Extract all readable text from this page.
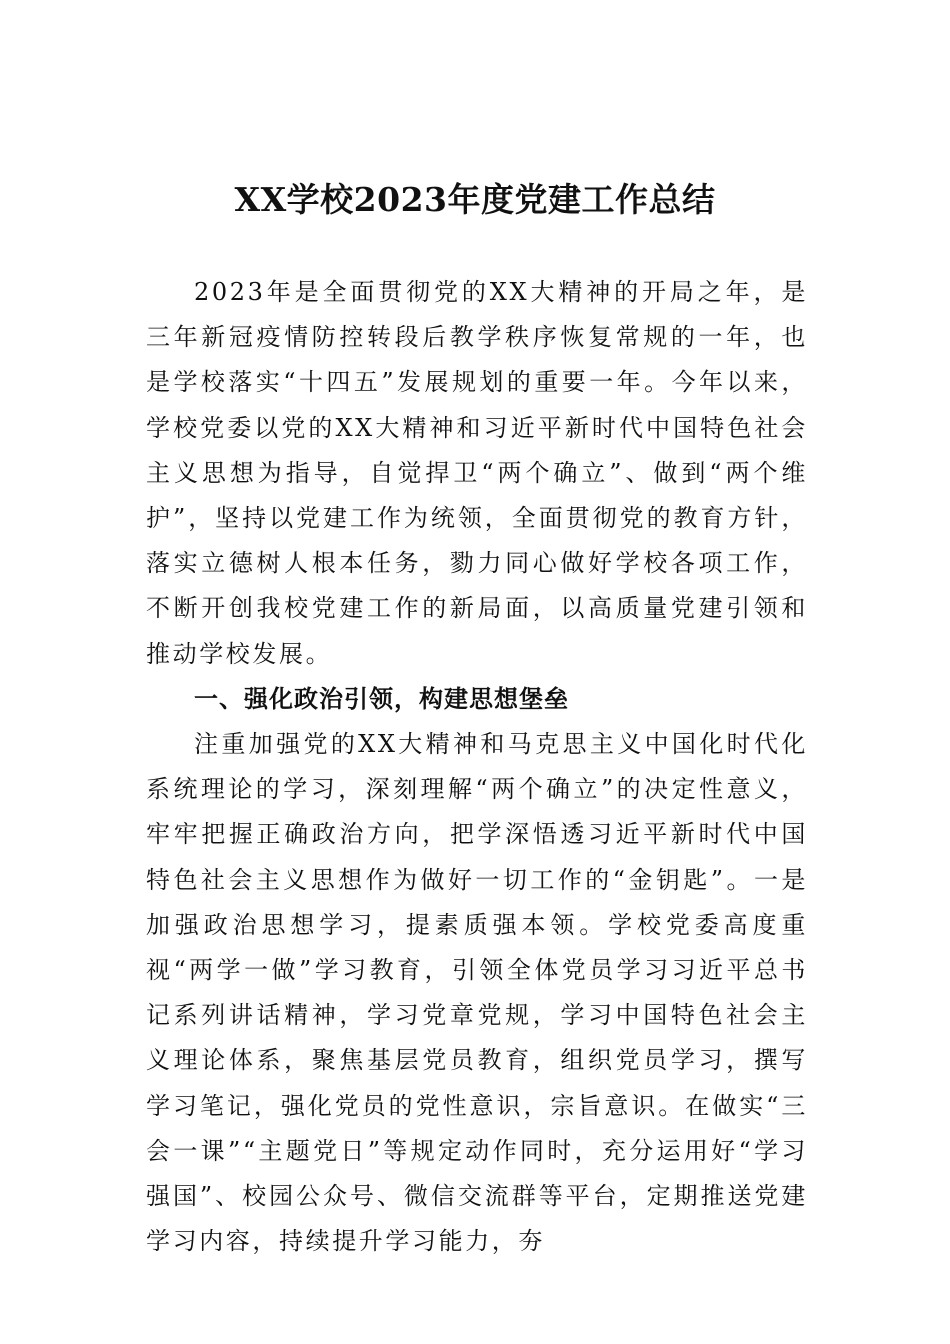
XX学校2023年度党建工作总结

2023年是全面贯彻党的XX大精神的开局之年，是三年新冠疫情防控转段后教学秩序恢复常规的一年，也是学校落实“十四五”发展规划的重要一年。今年以来，学校党委以党的XX大精神和习近平新时代中国特色社会主义思想为指导，自觉捍卫“两个确立”、做到“两个维护”，坚持以党建工作为统领，全面贯彻党的教育方针，落实立德树人根本任务，勠力同心做好学校各项工作，不断开创我校党建工作的新局面，以高质量党建引领和推动学校发展。

一、强化政治引领，构建思想堡垒

注重加强党的XX大精神和马克思主义中国化时代化系统理论的学习，深刻理解“两个确立”的决定性意义，牢牢把握正确政治方向，把学深悟透习近平新时代中国特色社会主义思想作为做好一切工作的“金钥匙”。一是加强政治思想学习，提素质强本领。学校党委高度重视“两学一做”学习教育，引领全体党员学习习近平总书记系列讲话精神，学习党章党规，学习中国特色社会主义理论体系，聚焦基层党员教育，组织党员学习，撰写学习笔记，强化党员的党性意识，宗旨意识。在做实“三会一课”“主题党日”等规定动作同时，充分运用好“学习强国”、校园公众号、微信交流群等平台，定期推送党建学习内容，持续提升学习能力，夯
